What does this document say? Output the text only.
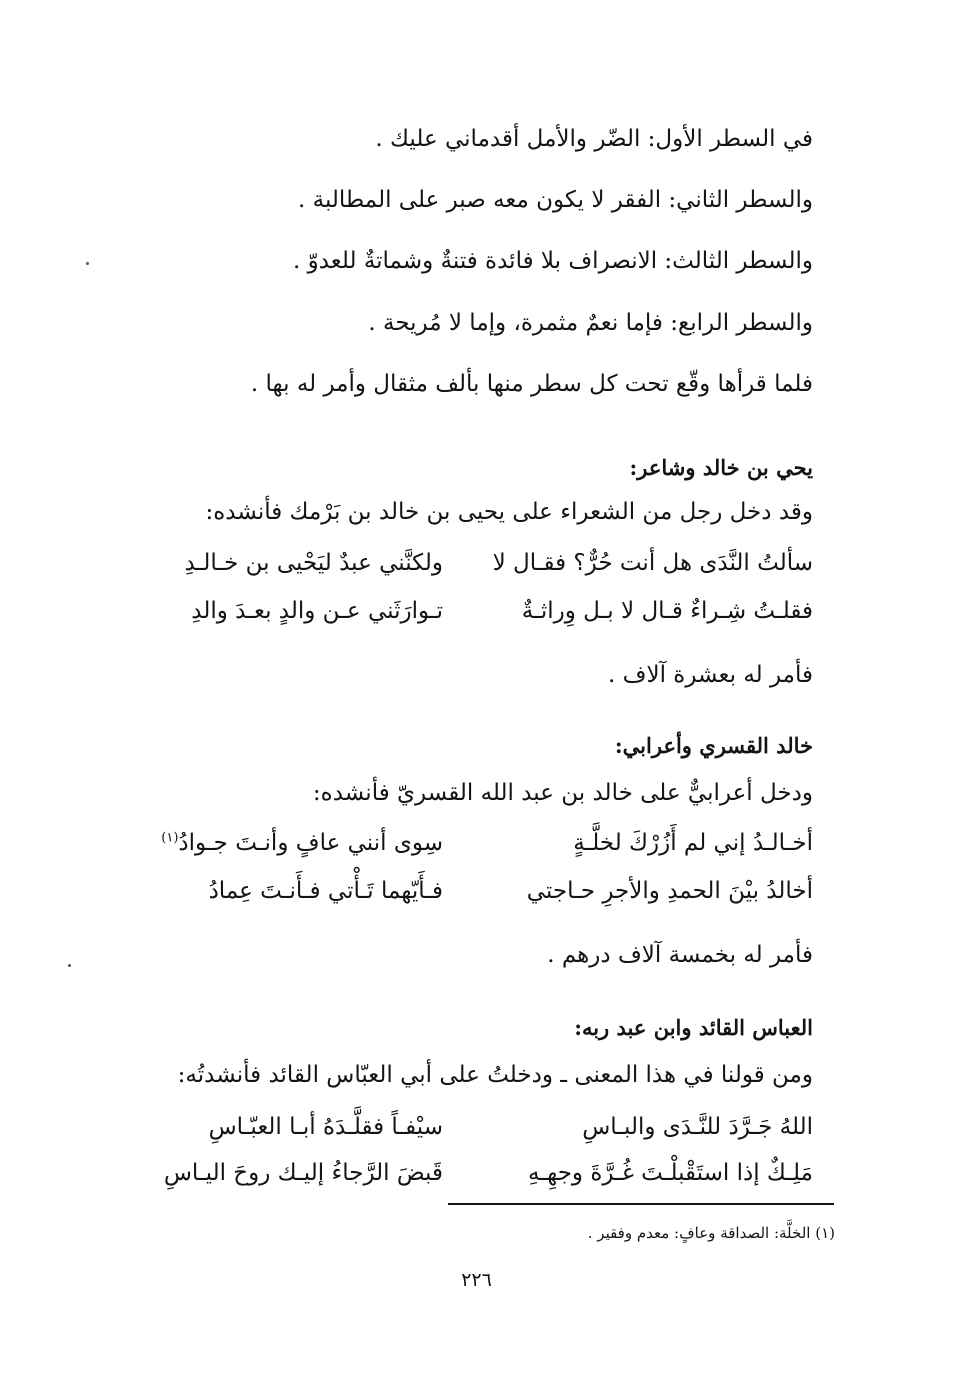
في السطر الأول: الضّر والأمل أقدماني عليك .
والسطر الثاني: الفقر لا يكون معه صبر على المطالبة .
والسطر الثالث: الانصراف بلا فائدة فتنةٌ وشماتةٌ للعدوّ .
والسطر الرابع: فإما نعمٌ مثمرة، وإما لا مُريحة .
فلما قرأها وقّع تحت كل سطر منها بألف مثقال وأمر له بها .
يحي بن خالد وشاعر:
وقد دخل رجل من الشعراء على يحيى بن خالد بن بَرْمك فأنشده:
سألتُ النَّدَى هل أنت حُرٌّ؟ فقـال لا
ولكنَّني عبدٌ ليَحْيى بن خـالـدِ
فقلـتُ شِـراءٌ قـال لا بـل وِراثـةٌ
تـوارَثَني عـن والدٍ بعـدَ والدِ
فأمر له بعشرة آلاف .
خالد القسري وأعرابي:
ودخل أعرابيٌّ على خالد بن عبد الله القسريّ فأنشده:
أخـالـدُ إني لم أَزُرْكَ لخلَّـةٍ
سِوى أنني عافٍ وأنـتَ جـوادُ$^{(١)}$
أخالدُ بيْنَ الحمدِ والأجرِ حـاجتي
فـأَيّهما تَـأْتي فـأَنـتَ عِمادُ
فأمر له بخمسة آلاف درهم .
العباس القائد وابن عبد ربه:
ومن قولنا في هذا المعنى ـ ودخلتُ على أبي العبّاس القائد فأنشدتُه:
اللهُ جَـرَّدَ للنَّـدَى والبـاسِ
سيْفـاً فقلَّـدَهُ أبـا العبّـاسِ
مَلِـكٌ إذا استَقْبلْـتَ غُـرَّةَ وجهِـهِ
قَبضَ الرَّجاءُ إليـك روحَ اليـاسِ
(١) الخلَّة: الصداقة وعافٍ: معدم وفقير .
٢٢٦
